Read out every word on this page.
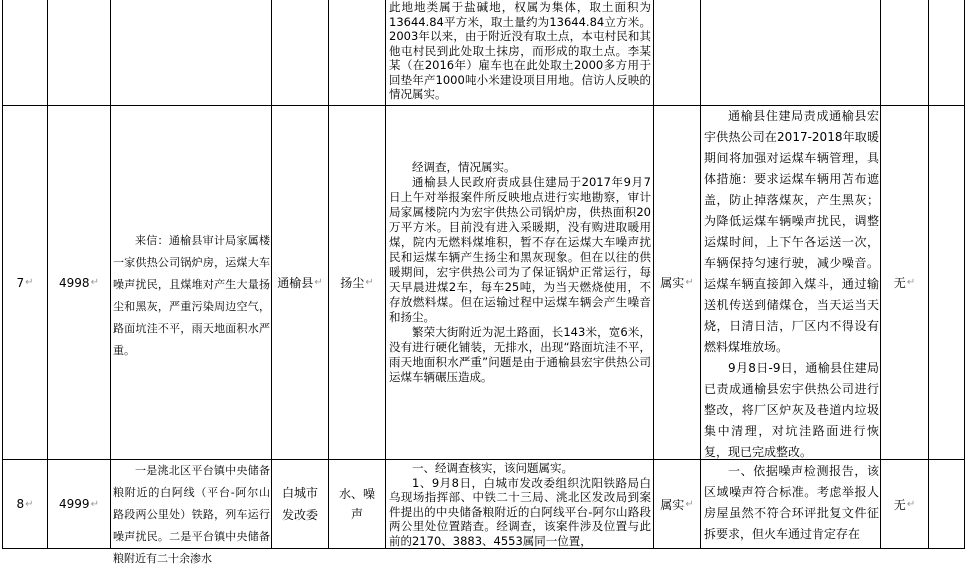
此地地类属于盐碱地，权属为集体，取土面积为13644.84平方米，取土量约为13644.84立方米。2003年以来，由于附近没有取土点，本屯村民和其他屯村民到此处取土抹房，而形成的取土点。李某某（在2016年）雇车也在此处取土2000多方用于回垫年产1000吨小米建设项目用地。信访人反映的情况属实。

7 ↵ 4998 ↵

来信：通榆县审计局家属楼一家供热公司锅炉房，运煤大车噪声扰民，且煤堆对产生大量扬尘和黑灰，严重污染周边空气，路面坑洼不平，雨天地面积水严重。

通榆县 ↵ 扬尘 ↵

经调查，情况属实。

通榆县人民政府责成县住建局于2017年9月7日上午对举报案件所反映地点进行实地勘察，审计局家属楼院内为宏宇供热公司锅炉房，供热面积20万平方米。目前没有进入采暖期，没有购进取暖用煤，院内无燃料煤堆积，暂不存在运煤大车噪声扰民和运煤车辆产生扬尘和黑灰现象。但在以往的供暖期间，宏宇供热公司为了保证锅炉正常运行，每天早晨进煤2车，每车25吨，为当天燃烧使用，不存放燃料煤。但在运输过程中运煤车辆会产生噪音和扬尘。

繁荣大街附近为泥土路面，长143米，宽6米，没有进行硬化铺装，无排水，出现“路面坑洼不平，雨天地面积水严重”问题是由于通榆县宏宇供热公司运煤车辆碾压造成。

属实 ↵

通榆县住建局责成通榆县宏宇供热公司在2017-2018年取暖期间将加强对运煤车辆管理，具体措施：要求运煤车辆用苫布遮盖，防止掉落煤灰，产生黑灰；为降低运煤车辆噪声扰民，调整运煤时间，上下午各运送一次，车辆保持匀速行驶，减少噪音。运煤车辆直接卸入煤斗，通过输送机传送到储煤仓，当天运当天烧，日清日洁，厂区内不得设有燃料煤堆放场。

9月8日-9日，通榆县住建局已责成通榆县宏宇供热公司进行整改，将厂区炉灰及巷道内垃圾集中清理，对坑洼路面进行恢复，现已完成整改。

无 ↵
8 ↵ 4999 ↵

一是洮北区平台镇中央储备粮附近的白阿线（平台-阿尔山路段两公里处）铁路，列车运行噪声扰民。二是平台镇中央储备粮附近有二十余渗水

白城市发改委
水、噪声

一、经调查核实，该问题属实。

1、9月8日，白城市发改委组织沈阳铁路局白乌现场指挥部、中铁二十三局、洮北区发改局到案件提出的中央储备粮附近的白阿线平台-阿尔山路段两公里处位置踏查。经调查，该案件涉及位置与此前的2170、3883、4553属同一位置，

属实 ↵

一、依据噪声检测报告，该区域噪声符合标准。考虑举报人房屋虽然不符合环评批复文件征拆要求，但火车通过肯定存在

无 ↵
